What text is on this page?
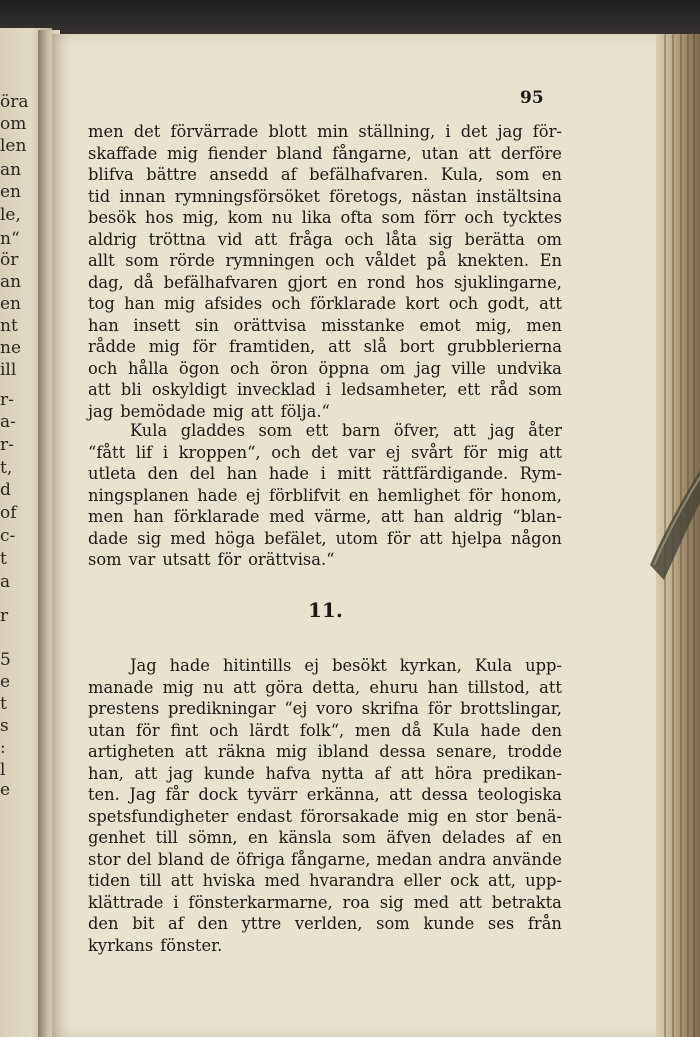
öra
om
len
an
en
le,
n“
ör
an
en
nt
ne
ill
r-
a-
r-
t,
d
of
c-
t
a
r
5
e
t
s
:
l
e
95
men det förvärrade blott min ställning, i det jag för-
skaffade mig fiender bland fångarne, utan att derföre
blifva bättre ansedd af befälhafvaren. Kula, som en
tid innan rymningsförsöket företogs, nästan instältsina
besök hos mig, kom nu lika ofta som förr och tycktes
aldrig tröttna vid att fråga och låta sig berätta om
allt som rörde rymningen och våldet på knekten. En
dag, då befälhafvaren gjort en rond hos sjuklingarne,
tog han mig afsides och förklarade kort och godt, att
han insett sin orättvisa misstanke emot mig, men
rådde mig för framtiden, att slå bort grubblerierna
och hålla ögon och öron öppna om jag ville undvika
att bli oskyldigt invecklad i ledsamheter, ett råd som
jag bemödade mig att följa.“
Kula gladdes som ett barn öfver, att jag åter
“fått lif i kroppen“, och det var ej svårt för mig att
utleta den del han hade i mitt rättfärdigande. Rym-
ningsplanen hade ej förblifvit en hemlighet för honom,
men han förklarade med värme, att han aldrig “blan-
dade sig med höga befälet, utom för att hjelpa någon
som var utsatt för orättvisa.“
11.
Jag hade hitintills ej besökt kyrkan, Kula upp-
manade mig nu att göra detta, ehuru han tillstod, att
prestens predikningar “ej voro skrifna för brottslingar,
utan för fint och lärdt folk“, men då Kula hade den
artigheten att räkna mig ibland dessa senare, trodde
han, att jag kunde hafva nytta af att höra predikan-
ten. Jag får dock tyvärr erkänna, att dessa teologiska
spetsfundigheter endast förorsakade mig en stor benä-
genhet till sömn, en känsla som äfven delades af en
stor del bland de öfriga fångarne, medan andra använde
tiden till att hviska med hvarandra eller ock att, upp-
klättrade i fönsterkarmarne, roa sig med att betrakta
den bit af den yttre verlden, som kunde ses från
kyrkans fönster.
